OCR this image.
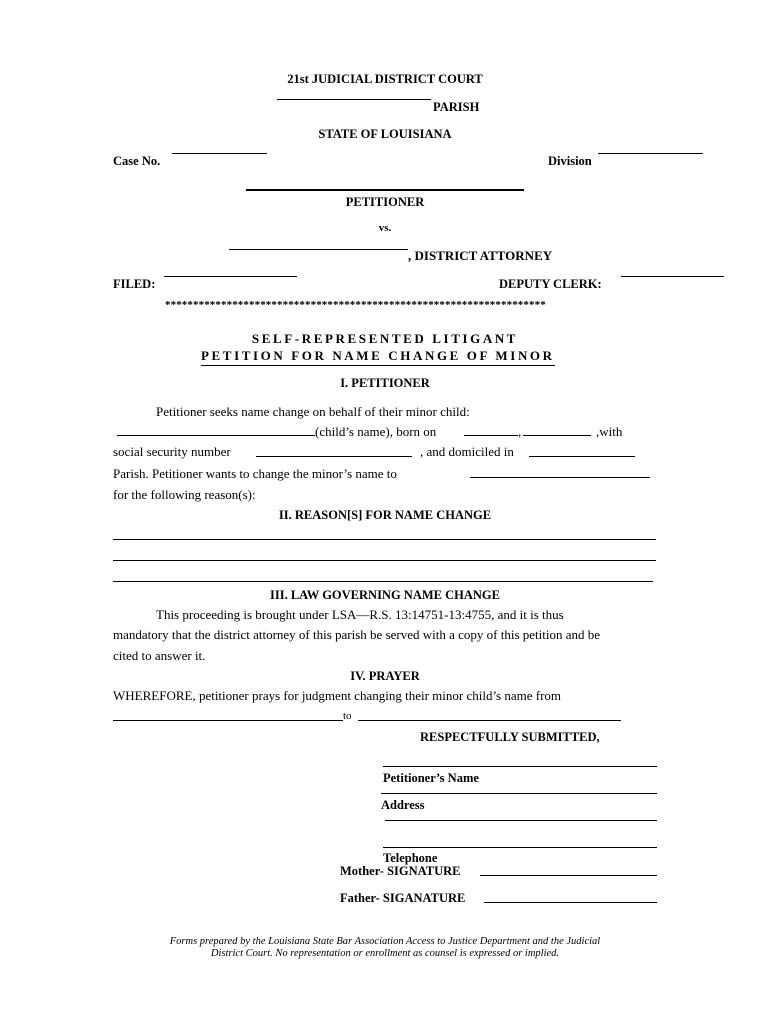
21st JUDICIAL DISTRICT COURT
PARISH
STATE OF LOUISIANA
Case No.	Division
PETITIONER
vs.
, DISTRICT ATTORNEY
FILED:	DEPUTY CLERK:
********************************************************************
SELF-REPRESENTED LITIGANT
PETITION FOR NAME CHANGE OF MINOR
I. PETITIONER
Petitioner seeks name change on behalf of their minor child:
(child’s name), born on	,	,with
social security number	, and domiciled in
Parish. Petitioner wants to change the minor’s name to
for the following reason(s):
II. REASON[S] FOR NAME CHANGE
III. LAW GOVERNING NAME CHANGE
This proceeding is brought under LSA—R.S. 13:14751-13:4755, and it is thus
mandatory that the district attorney of this parish be served with a copy of this petition and be
cited to answer it.
IV. PRAYER
WHEREFORE, petitioner prays for judgment changing their minor child’s name from
to
RESPECTFULLY SUBMITTED,
Petitioner’s Name
Address
Telephone
Mother- SIGNATURE
Father- SIGANATURE
Forms prepared by the Louisiana State Bar Association Access to Justice Department and the Judicial
District Court. No representation or enrollment as counsel is expressed or implied.
